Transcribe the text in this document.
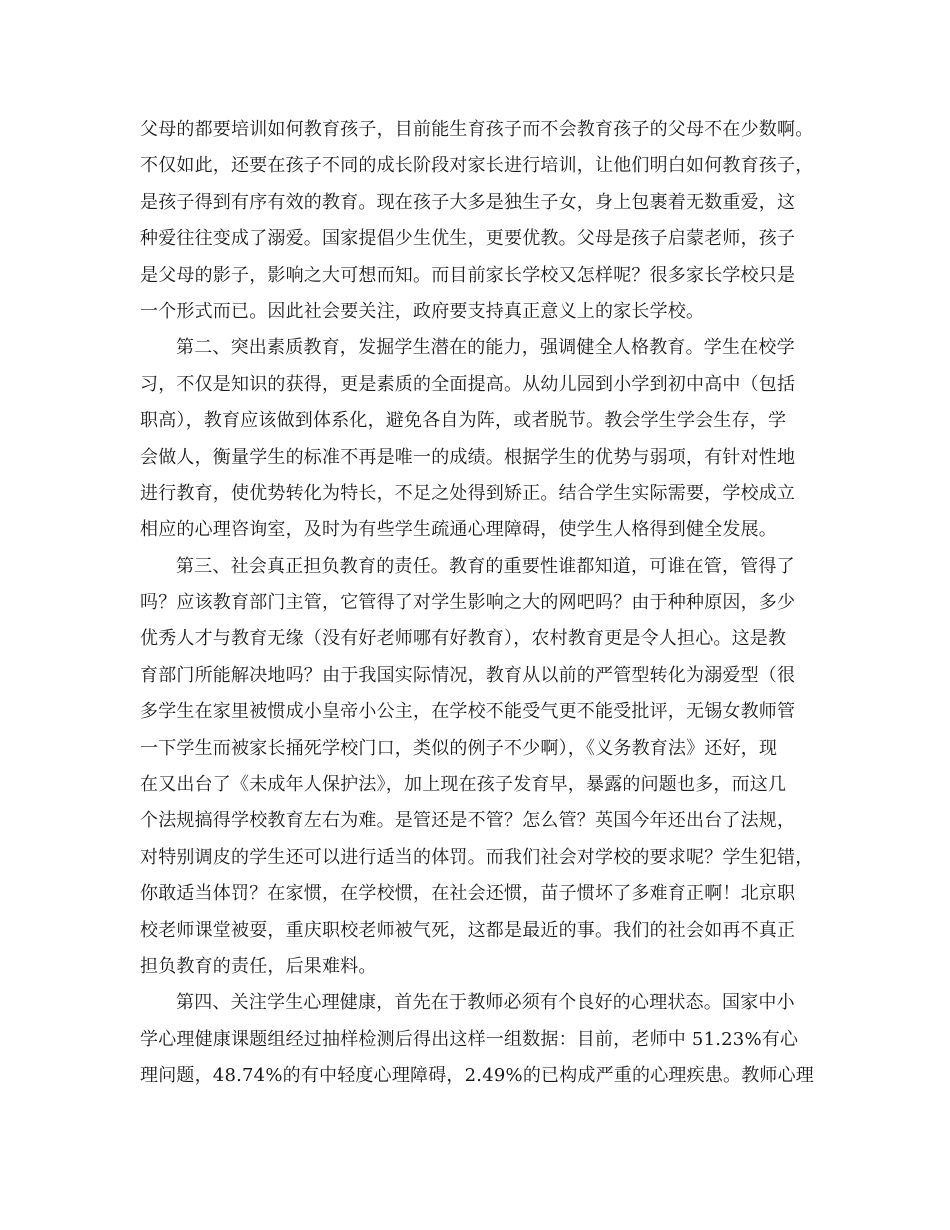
父母的都要培训如何教育孩子，目前能生育孩子而不会教育孩子的父母不在少数啊。
不仅如此，还要在孩子不同的成长阶段对家长进行培训，让他们明白如何教育孩子，
是孩子得到有序有效的教育。现在孩子大多是独生子女，身上包裹着无数重爱，这
种爱往往变成了溺爱。国家提倡少生优生，更要优教。父母是孩子启蒙老师，孩子
是父母的影子，影响之大可想而知。而目前家长学校又怎样呢？很多家长学校只是
一个形式而已。因此社会要关注，政府要支持真正意义上的家长学校。
第二、突出素质教育，发掘学生潜在的能力，强调健全人格教育。学生在校学
习，不仅是知识的获得，更是素质的全面提高。从幼儿园到小学到初中高中（包括
职高），教育应该做到体系化，避免各自为阵，或者脱节。教会学生学会生存，学
会做人，衡量学生的标准不再是唯一的成绩。根据学生的优势与弱项，有针对性地
进行教育，使优势转化为特长，不足之处得到矫正。结合学生实际需要，学校成立
相应的心理咨询室，及时为有些学生疏通心理障碍，使学生人格得到健全发展。
第三、社会真正担负教育的责任。教育的重要性谁都知道，可谁在管，管得了
吗？应该教育部门主管，它管得了对学生影响之大的网吧吗？由于种种原因，多少
优秀人才与教育无缘（没有好老师哪有好教育），农村教育更是令人担心。这是教
育部门所能解决地吗？由于我国实际情况，教育从以前的严管型转化为溺爱型（很
多学生在家里被惯成小皇帝小公主，在学校不能受气更不能受批评，无锡女教师管
一下学生而被家长捅死学校门口，类似的例子不少啊），《义务教育法》还好，现
在又出台了《未成年人保护法》，加上现在孩子发育早，暴露的问题也多，而这几
个法规搞得学校教育左右为难。是管还是不管？怎么管？英国今年还出台了法规，
对特别调皮的学生还可以进行适当的体罚。而我们社会对学校的要求呢？学生犯错，
你敢适当体罚？在家惯，在学校惯，在社会还惯，苗子惯坏了多难育正啊！北京职
校老师课堂被耍，重庆职校老师被气死，这都是最近的事。我们的社会如再不真正
担负教育的责任，后果难料。
第四、关注学生心理健康，首先在于教师必须有个良好的心理状态。国家中小
学心理健康课题组经过抽样检测后得出这样一组数据：目前，老师中 51.23%有心
理问题，48.74%的有中轻度心理障碍，2.49%的已构成严重的心理疾患。教师心理
